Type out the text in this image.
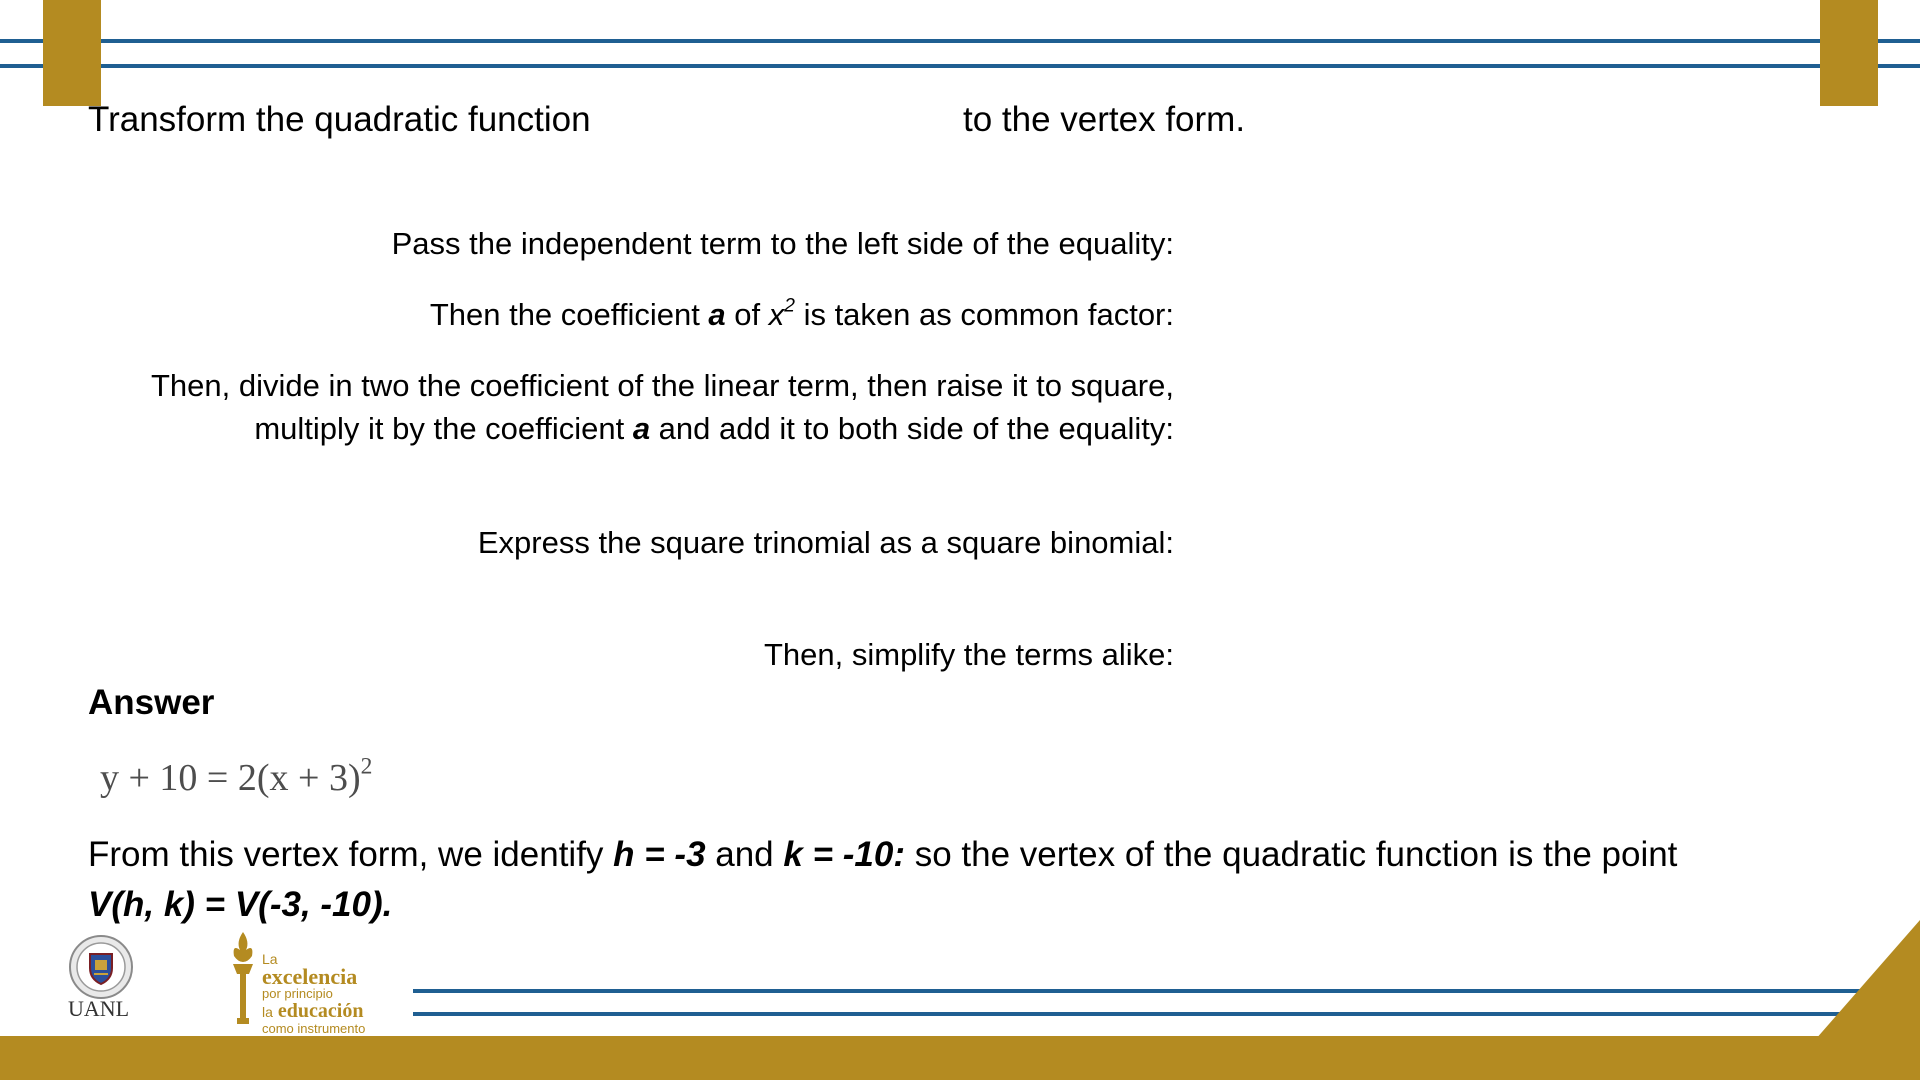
Transform the quadratic function	to the vertex form.
Pass the independent term to the left side of the equality:
Then the coefficient a of $x^2$ is taken as common factor:
Then, divide in two the coefficient of the linear term, then raise it to square,
multiply it by the coefficient a and add it to both side of the equality:
Express the square trinomial as a square binomial:
Then, simplify the terms alike:
Answer
$y + 10 = 2(x + 3)^2$
From this vertex form, we identify h = -3 and k = -10: so the vertex of the quadratic function is the point
V(h, k) = V(-3, -10).
UANL
La
excelencia
por principio
la educación
como instrumento
